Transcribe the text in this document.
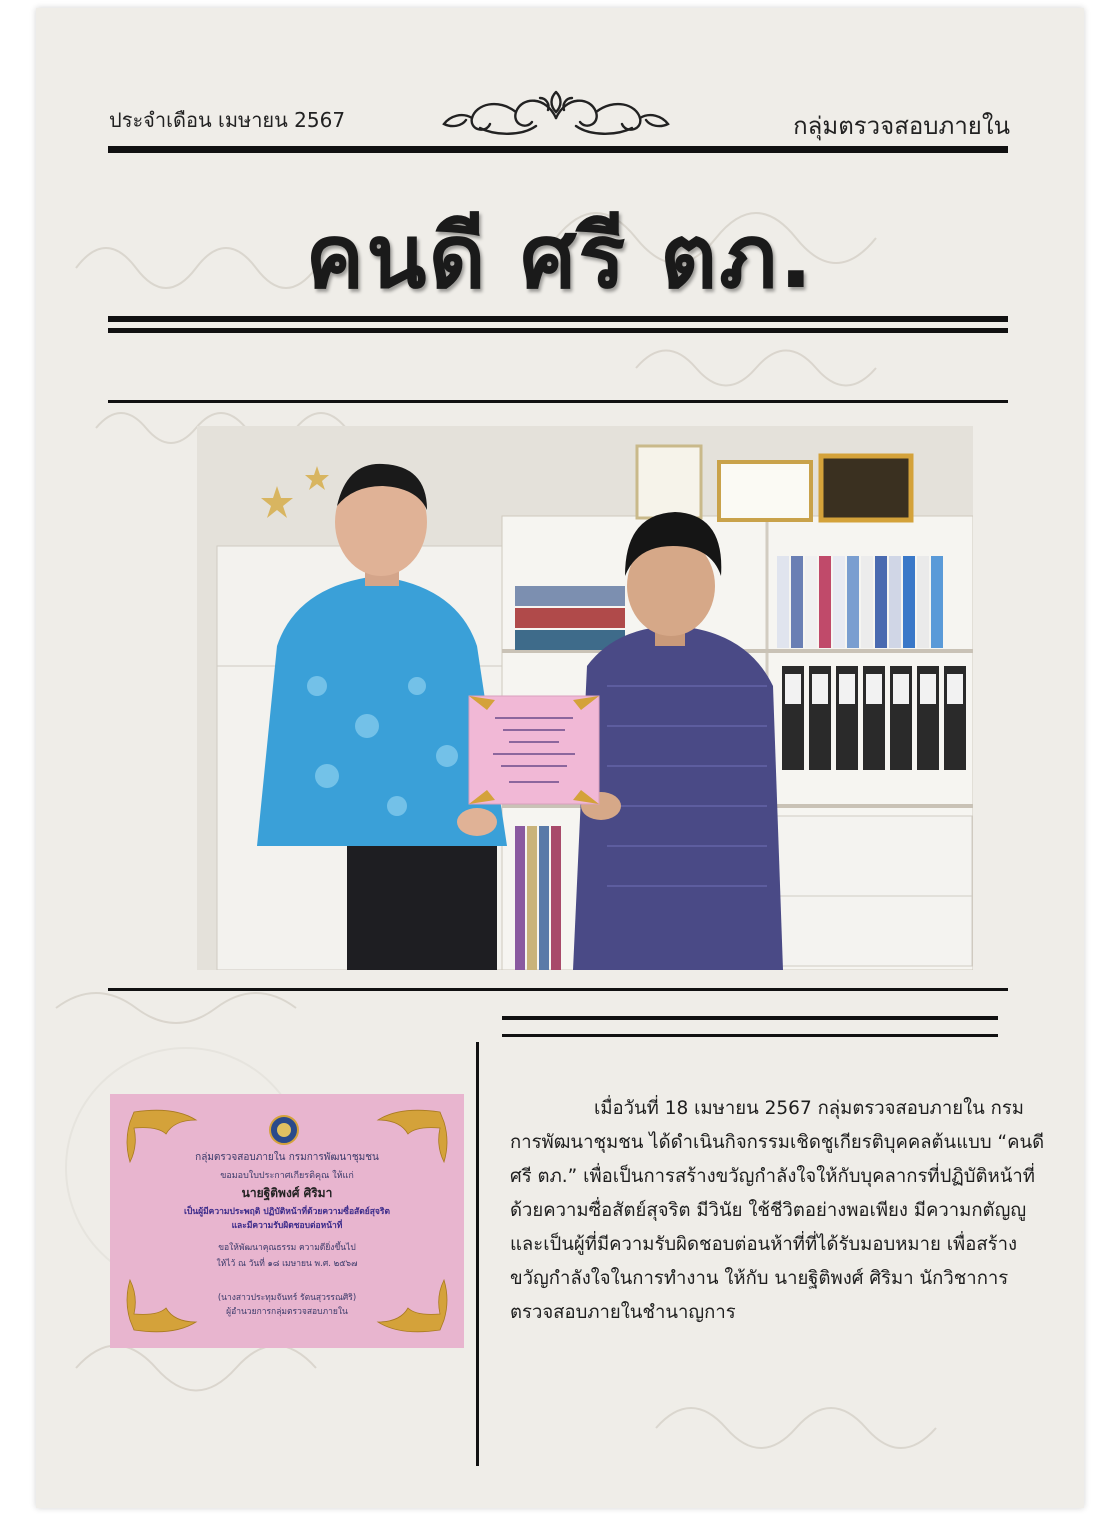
ประจำเดือน เมษายน 2567	กลุ่มตรวจสอบภายใน
คนดี ศรี ตภ.
กลุ่มตรวจสอบภายใน กรมการพัฒนาชุมชน
ขอมอบใบประกาศเกียรติคุณ ให้แก่
นายฐิติพงศ์ ศิริมา
เป็นผู้มีความประพฤติ ปฏิบัติหน้าที่ด้วยความซื่อสัตย์สุจริต
และมีความรับผิดชอบต่อหน้าที่
ขอให้พัฒนาคุณธรรม ความดียิ่งขึ้นไป
ให้ไว้ ณ วันที่ ๑๘ เมษายน พ.ศ. ๒๕๖๗
(นางสาวประทุมจันทร์ รัตนสุวรรณศิริ)
ผู้อำนวยการกลุ่มตรวจสอบภายใน

เมื่อวันที่ 18 เมษายน 2567 กลุ่มตรวจสอบภายใน กรมการพัฒนาชุมชน ได้ดำเนินกิจกรรมเชิดชูเกียรติบุคคลต้นแบบ “คนดี ศรี ตภ.” เพื่อเป็นการสร้างขวัญกำลังใจให้กับบุคลากรที่ปฏิบัติหน้าที่ด้วยความซื่อสัตย์สุจริต มีวินัย ใช้ชีวิตอย่างพอเพียง มีความกตัญญู และเป็นผู้ที่มีความรับผิดชอบต่อนห้าที่ที่ได้รับมอบหมาย เพื่อสร้างขวัญกำลังใจในการทำงาน ให้กับ นายฐิติพงศ์ ศิริมา นักวิชาการตรวจสอบภายในชำนาญการ
